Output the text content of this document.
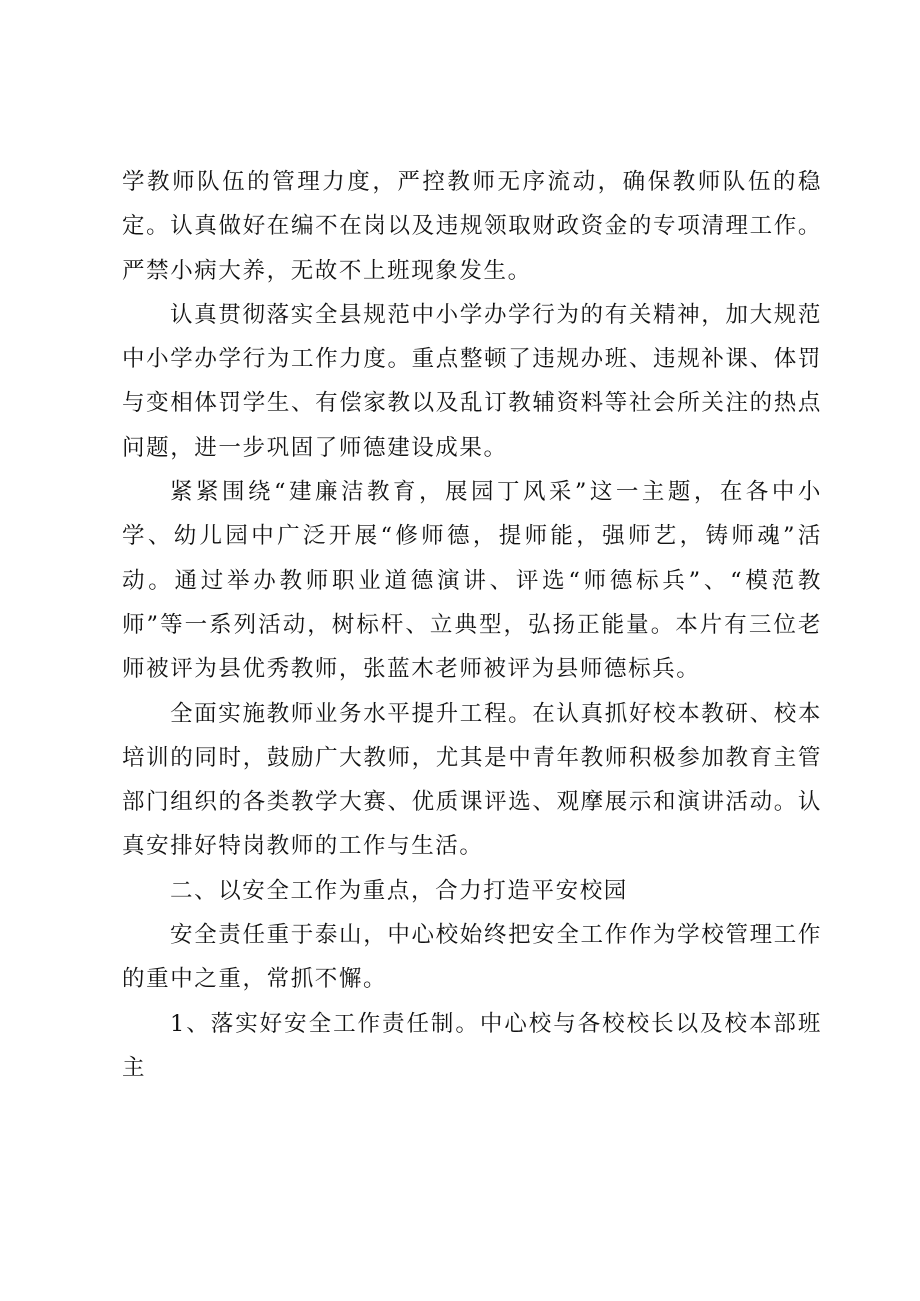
学教师队伍的管理力度，严控教师无序流动，确保教师队伍的稳定。认真做好在编不在岗以及违规领取财政资金的专项清理工作。严禁小病大养，无故不上班现象发生。

认真贯彻落实全县规范中小学办学行为的有关精神，加大规范中小学办学行为工作力度。重点整顿了违规办班、违规补课、体罚与变相体罚学生、有偿家教以及乱订教辅资料等社会所关注的热点问题，进一步巩固了师德建设成果。

紧紧围绕“建廉洁教育，展园丁风采”这一主题，在各中小学、幼儿园中广泛开展“修师德，提师能，强师艺，铸师魂”活动。通过举办教师职业道德演讲、评选“师德标兵”、“模范教师”等一系列活动，树标杆、立典型，弘扬正能量。本片有三位老师被评为县优秀教师，张蓝木老师被评为县师德标兵。

全面实施教师业务水平提升工程。在认真抓好校本教研、校本培训的同时，鼓励广大教师，尤其是中青年教师积极参加教育主管部门组织的各类教学大赛、优质课评选、观摩展示和演讲活动。认真安排好特岗教师的工作与生活。

二、以安全工作为重点，合力打造平安校园

安全责任重于泰山，中心校始终把安全工作作为学校管理工作的重中之重，常抓不懈。

1、落实好安全工作责任制。中心校与各校校长以及校本部班主
